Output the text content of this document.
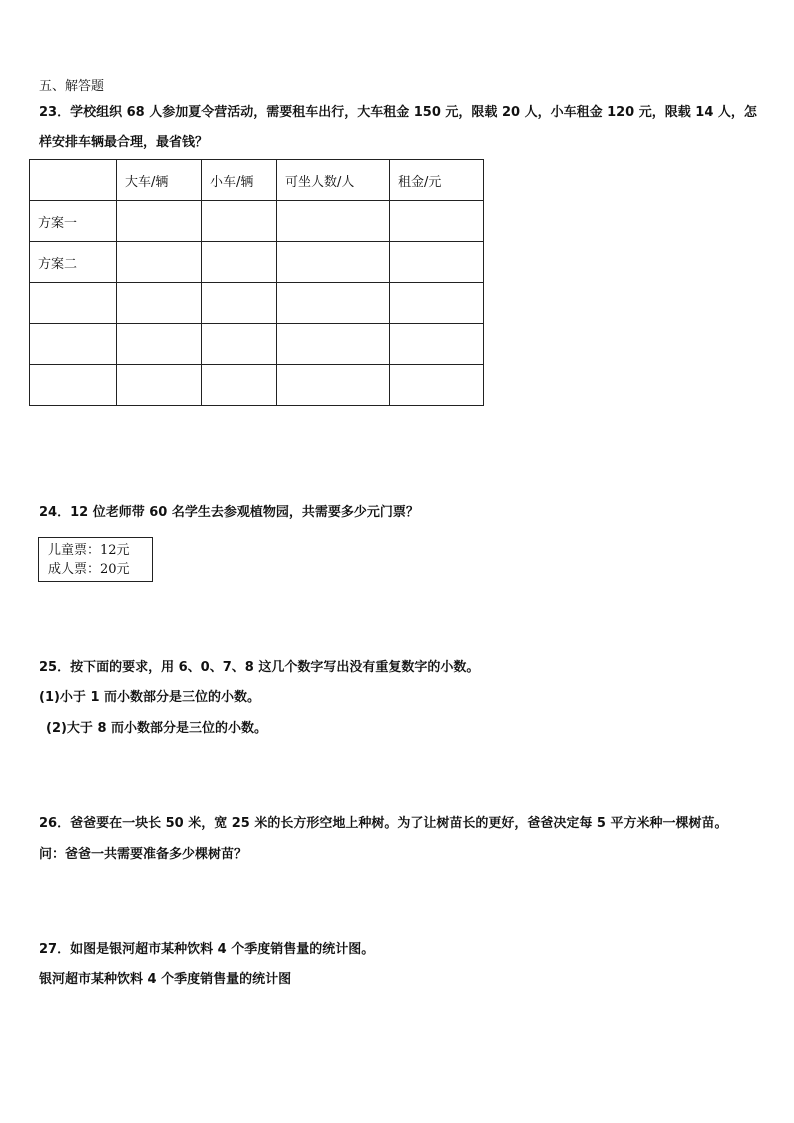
五、解答题
23．学校组织 68 人参加夏令营活动，需要租车出行，大车租金 150 元，限载 20 人，小车租金 120 元，限载 14 人，怎
样安排车辆最合理，最省钱？
	大车/辆	小车/辆	可坐人数/人	租金/元
方案一				
方案二				

24．12 位老师带 60 名学生去参观植物园，共需要多少元门票？
儿童票：12元
成人票：20元
25．按下面的要求，用 6、0、7、8 这几个数字写出没有重复数字的小数。
(1)小于 1 而小数部分是三位的小数。
(2)大于 8 而小数部分是三位的小数。
26．爸爸要在一块长 50 米，宽 25 米的长方形空地上种树。为了让树苗长的更好，爸爸决定每 5 平方米种一棵树苗。
问：爸爸一共需要准备多少棵树苗？
27．如图是银河超市某种饮料 4 个季度销售量的统计图。
银河超市某种饮料 4 个季度销售量的统计图
